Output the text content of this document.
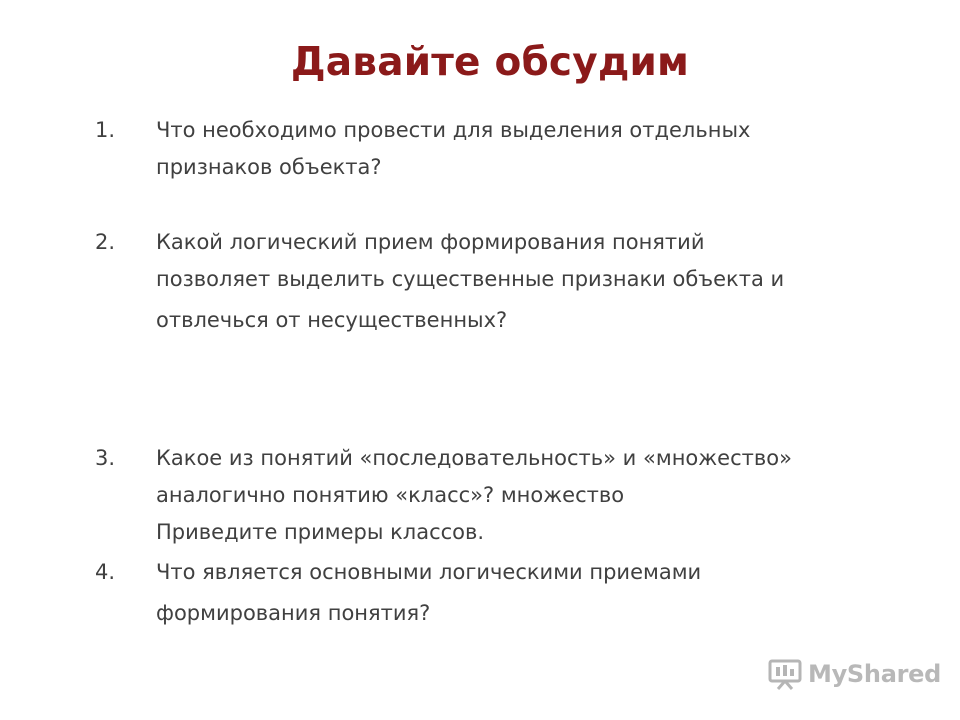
Давайте обсудим
1. Что необходимо провести для выделения отдельных
признаков объекта?
2. Какой логический прием формирования понятий
позволяет выделить существенные признаки объекта и
отвлечься от несущественных?
3. Какое из понятий «последовательность» и «множество»
аналогично понятию «класс»? множество
Приведите примеры классов.
4. Что является основными логическими приемами
формирования понятия?
MyShared
